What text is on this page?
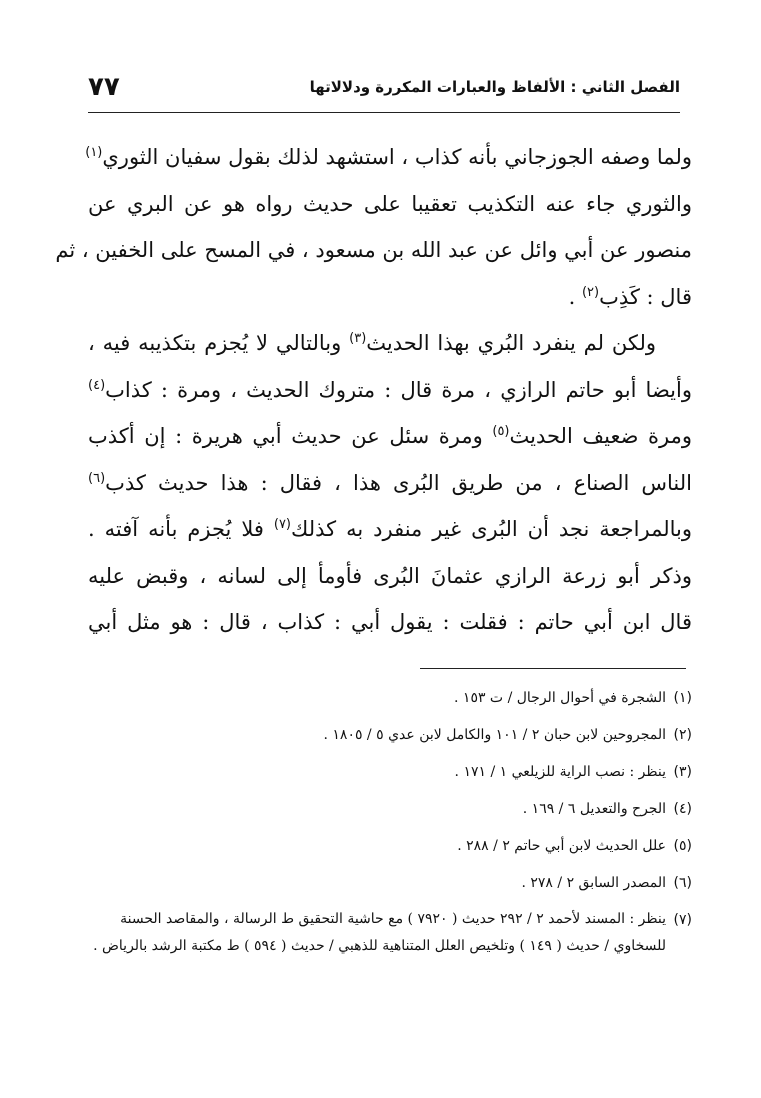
الفصل الثاني : الألفاظ والعبارات المكررة ودلالاتها
٧٧
ولما وصفه الجوزجاني بأنه كذاب ، استشهد لذلك بقول سفيان الثوري$^{(١)}$
والثوري جاء عنه التكذيب تعقيبا على حديث رواه هو عن البري عن
منصور عن أبي وائل عن عبد الله بن مسعود ، في المسح على الخفين ، ثم
قال : كَذِب$^{(٢)}$ .
ولكن لم ينفرد البُري بهذا الحديث$^{(٣)}$ وبالتالي لا يُجزم بتكذيبه فيه ،
وأيضا أبو حاتم الرازي ، مرة قال : متروك الحديث ، ومرة : كذاب$^{(٤)}$
ومرة ضعيف الحديث$^{(٥)}$ ومرة سئل عن حديث أبي هريرة : إن أكذب
الناس الصناع ، من طريق البُرى هذا ، فقال : هذا حديث كذب$^{(٦)}$
وبالمراجعة نجد أن البُرى غير منفرد به كذلك$^{(٧)}$ فلا يُجزم بأنه آفته .
وذكر أبو زرعة الرازي عثمانَ البُرى فأومأ إلى لسانه ، وقبض عليه
قال ابن أبي حاتم : فقلت : يقول أبي : كذاب ، قال : هو مثل أبي
(١)
الشجرة في أحوال الرجال / ت ١٥٣ .
(٢)
المجروحين لابن حبان ٢ / ١٠١ والكامل لابن عدي ٥ / ١٨٠٥ .
(٣)
ينظر : نصب الراية للزيلعي ١ / ١٧١ .
(٤)
الجرح والتعديل ٦ / ١٦٩ .
(٥)
علل الحديث لابن أبي حاتم ٢ / ٢٨٨ .
(٦)
المصدر السابق ٢ / ٢٧٨ .
(٧)
ينظر : المسند لأحمد ٢ / ٢٩٢ حديث ( ٧٩٢٠ ) مع حاشية التحقيق ط الرسالة ، والمقاصد الحسنة للسخاوي / حديث ( ١٤٩ ) وتلخيص العلل المتناهية للذهبي / حديث ( ٥٩٤ ) ط مكتبة الرشد بالرياض .
